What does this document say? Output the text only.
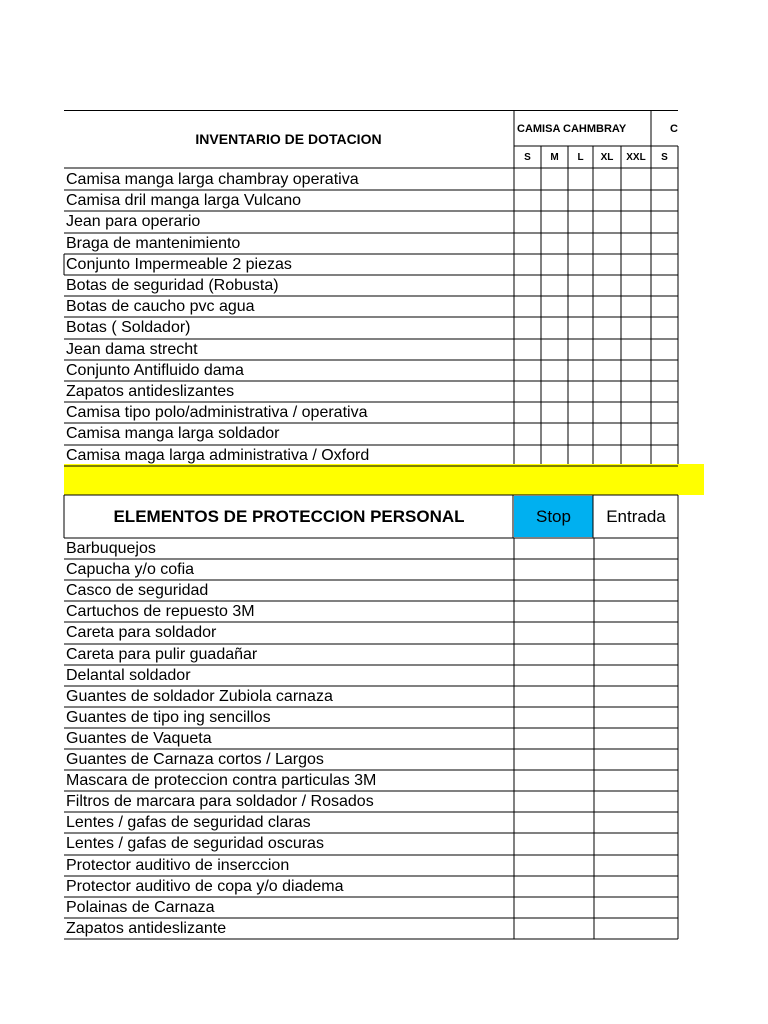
INVENTARIO DE DOTACION
CAMISA CAHMBRAY	C
S	M	L	XL	XXL	S
Camisa manga larga chambray operativa
Camisa dril manga larga Vulcano
Jean para operario
Braga de mantenimiento
Conjunto Impermeable 2 piezas
Botas de seguridad (Robusta)
Botas de caucho pvc agua
Botas ( Soldador)
Jean dama strecht
Conjunto Antifluido dama
Zapatos antideslizantes
Camisa tipo polo/administrativa / operativa
Camisa manga larga soldador
Camisa maga larga administrativa / Oxford
ELEMENTOS DE PROTECCION PERSONAL	Stop	Entrada
Barbuquejos
Capucha y/o cofia
Casco de seguridad
Cartuchos de repuesto 3M
Careta para soldador
Careta para pulir guadañar
Delantal soldador
Guantes de soldador Zubiola carnaza
Guantes de tipo ing sencillos
Guantes de Vaqueta
Guantes de Carnaza cortos / Largos
Mascara de proteccion contra particulas 3M
Filtros de marcara para soldador / Rosados
Lentes / gafas de seguridad claras
Lentes / gafas de seguridad oscuras
Protector auditivo de inserccion
Protector auditivo de copa y/o diadema
Polainas de Carnaza
Zapatos antideslizante
